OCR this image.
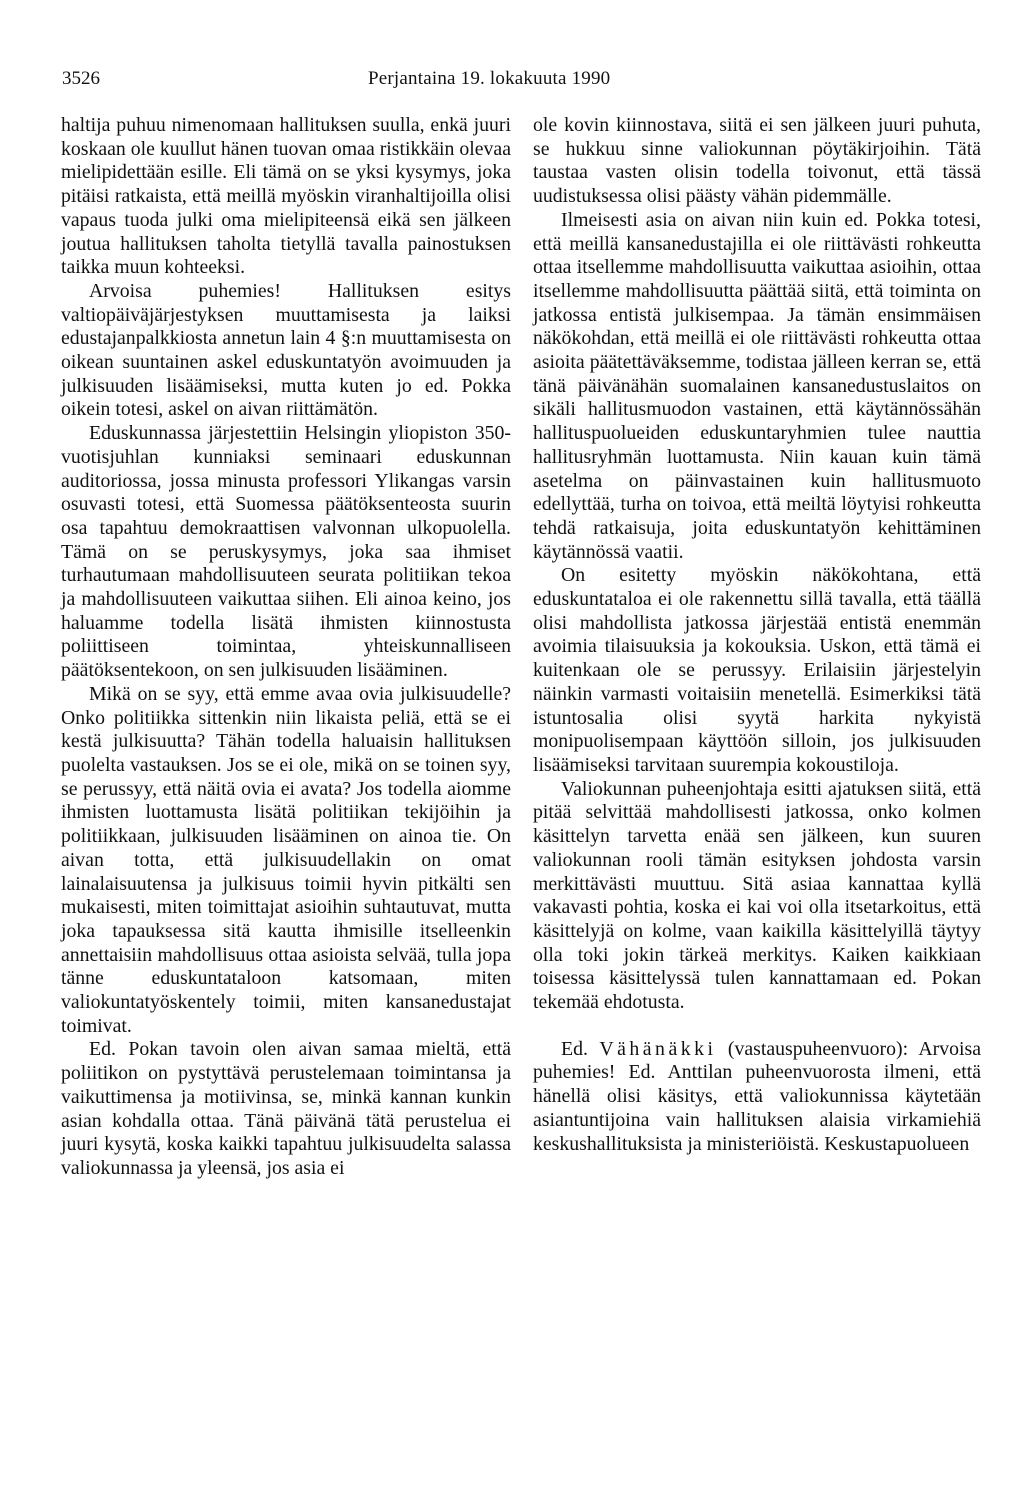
3526	Perjantaina 19. lokakuuta 1990

haltija puhuu nimenomaan hallituksen suulla, enkä juuri koskaan ole kuullut hänen tuovan omaa ristikkäin olevaa mielipidettään esille. Eli tämä on se yksi kysymys, joka pitäisi ratkaista, että meillä myöskin viranhaltijoilla olisi vapaus tuoda julki oma mielipiteensä eikä sen jälkeen joutua hallituksen taholta tietyllä tavalla painostuksen taikka muun kohteeksi.

Arvoisa puhemies! Hallituksen esitys valtiopäiväjärjestyksen muuttamisesta ja laiksi edustajanpalkkiosta annetun lain 4 §:n muuttamisesta on oikean suuntainen askel eduskuntatyön avoimuuden ja julkisuuden lisäämiseksi, mutta kuten jo ed. Pokka oikein totesi, askel on aivan riittämätön.

Eduskunnassa järjestettiin Helsingin yliopiston 350-vuotisjuhlan kunniaksi seminaari eduskunnan auditoriossa, jossa minusta professori Ylikangas varsin osuvasti totesi, että Suomessa päätöksenteosta suurin osa tapahtuu demokraattisen valvonnan ulkopuolella. Tämä on se peruskysymys, joka saa ihmiset turhautumaan mahdollisuuteen seurata politiikan tekoa ja mahdollisuuteen vaikuttaa siihen. Eli ainoa keino, jos haluamme todella lisätä ihmisten kiinnostusta poliittiseen toimintaa, yhteiskunnalliseen päätöksentekoon, on sen julkisuuden lisääminen.

Mikä on se syy, että emme avaa ovia julkisuudelle? Onko politiikka sittenkin niin likaista peliä, että se ei kestä julkisuutta? Tähän todella haluaisin hallituksen puolelta vastauksen. Jos se ei ole, mikä on se toinen syy, se perussyy, että näitä ovia ei avata? Jos todella aiomme ihmisten luottamusta lisätä politiikan tekijöihin ja politiikkaan, julkisuuden lisääminen on ainoa tie. On aivan totta, että julkisuudellakin on omat lainalaisuutensa ja julkisuus toimii hyvin pitkälti sen mukaisesti, miten toimittajat asioihin suhtautuvat, mutta joka tapauksessa sitä kautta ihmisille itselleenkin annettaisiin mahdollisuus ottaa asioista selvää, tulla jopa tänne eduskuntataloon katsomaan, miten valiokuntatyöskentely toimii, miten kansanedustajat toimivat.

Ed. Pokan tavoin olen aivan samaa mieltä, että poliitikon on pystyttävä perustelemaan toimintansa ja vaikuttimensa ja motiivinsa, se, minkä kannan kunkin asian kohdalla ottaa. Tänä päivänä tätä perustelua ei juuri kysytä, koska kaikki tapahtuu julkisuudelta salassa valiokunnassa ja yleensä, jos asia ei

ole kovin kiinnostava, siitä ei sen jälkeen juuri puhuta, se hukkuu sinne valiokunnan pöytäkirjoihin. Tätä taustaa vasten olisin todella toivonut, että tässä uudistuksessa olisi päästy vähän pidemmälle.

Ilmeisesti asia on aivan niin kuin ed. Pokka totesi, että meillä kansanedustajilla ei ole riittävästi rohkeutta ottaa itsellemme mahdollisuutta vaikuttaa asioihin, ottaa itsellemme mahdollisuutta päättää siitä, että toiminta on jatkossa entistä julkisempaa. Ja tämän ensimmäisen näkökohdan, että meillä ei ole riittävästi rohkeutta ottaa asioita päätettäväksemme, todistaa jälleen kerran se, että tänä päivänähän suomalainen kansanedustuslaitos on sikäli hallitusmuodon vastainen, että käytännössähän hallituspuolueiden eduskuntaryhmien tulee nauttia hallitusryhmän luottamusta. Niin kauan kuin tämä asetelma on päinvastainen kuin hallitusmuoto edellyttää, turha on toivoa, että meiltä löytyisi rohkeutta tehdä ratkaisuja, joita eduskuntatyön kehittäminen käytännössä vaatii.

On esitetty myöskin näkökohtana, että eduskuntataloa ei ole rakennettu sillä tavalla, että täällä olisi mahdollista jatkossa järjestää entistä enemmän avoimia tilaisuuksia ja kokouksia. Uskon, että tämä ei kuitenkaan ole se perussyy. Erilaisiin järjestelyin näinkin varmasti voitaisiin menetellä. Esimerkiksi tätä istuntosalia olisi syytä harkita nykyistä monipuolisempaan käyttöön silloin, jos julkisuuden lisäämiseksi tarvitaan suurempia kokoustiloja.

Valiokunnan puheenjohtaja esitti ajatuksen siitä, että pitää selvittää mahdollisesti jatkossa, onko kolmen käsittelyn tarvetta enää sen jälkeen, kun suuren valiokunnan rooli tämän esityksen johdosta varsin merkittävästi muuttuu. Sitä asiaa kannattaa kyllä vakavasti pohtia, koska ei kai voi olla itsetarkoitus, että käsittelyjä on kolme, vaan kaikilla käsittelyillä täytyy olla toki jokin tärkeä merkitys. Kaiken kaikkiaan toisessa käsittelyssä tulen kannattamaan ed. Pokan tekemää ehdotusta.

Ed. Vähänäkki (vastauspuheenvuoro): Arvoisa puhemies! Ed. Anttilan puheenvuorosta ilmeni, että hänellä olisi käsitys, että valiokunnissa käytetään asiantuntijoina vain hallituksen alaisia virkamiehiä keskushallituksista ja ministeriöistä. Keskustapuolueen
